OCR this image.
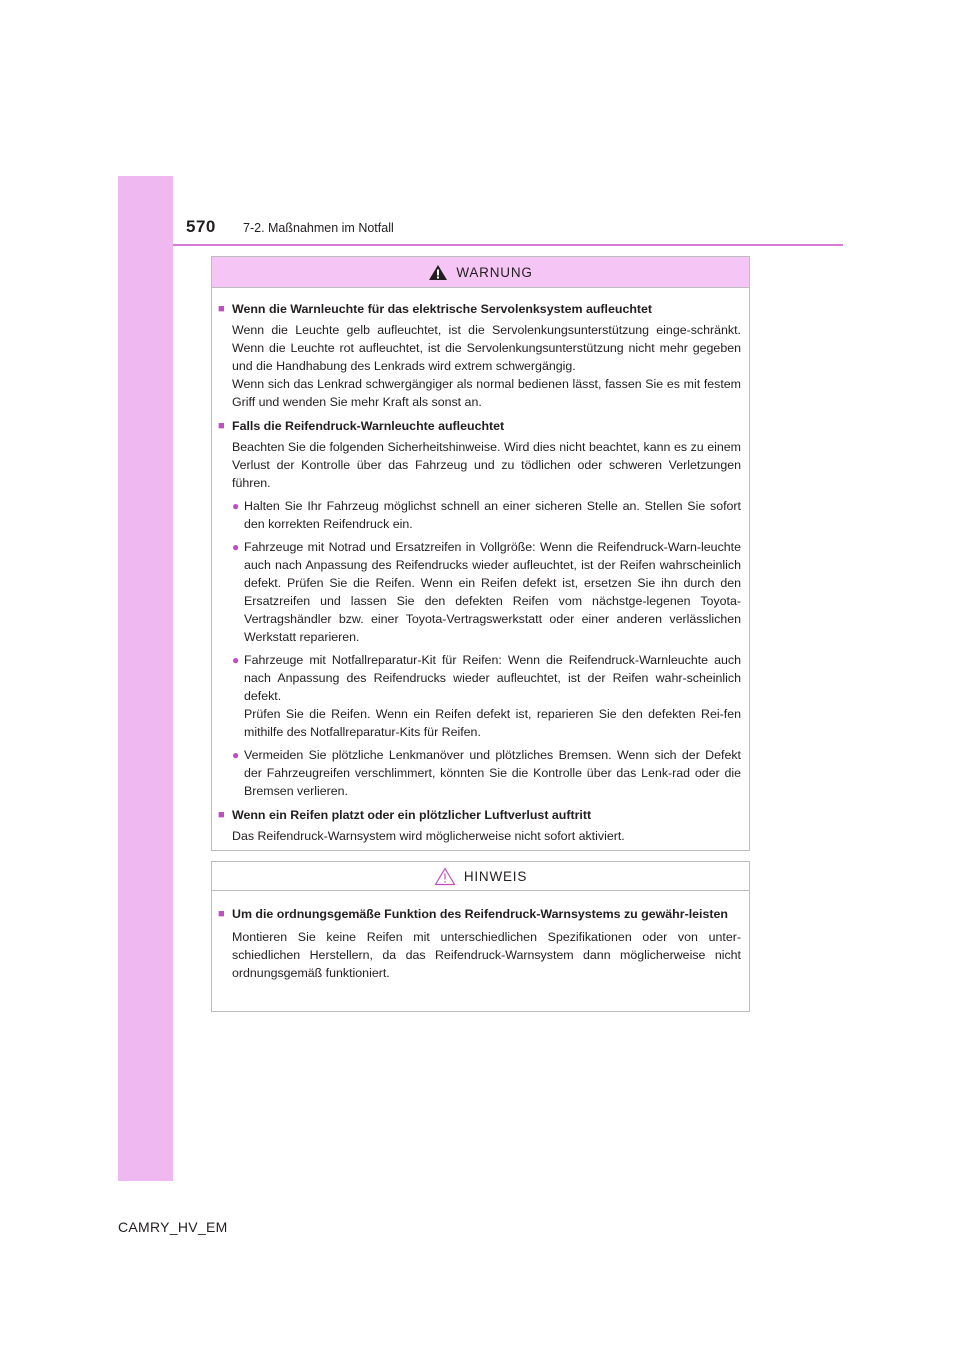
570 7-2. Maßnahmen im Notfall
WARNUNG
■ Wenn die Warnleuchte für das elektrische Servolenksystem aufleuchtet
Wenn die Leuchte gelb aufleuchtet, ist die Servolenkungsunterstützung einge-schränkt. Wenn die Leuchte rot aufleuchtet, ist die Servolenkungsunterstützung nicht mehr gegeben und die Handhabung des Lenkrads wird extrem schwergängig.
Wenn sich das Lenkrad schwergängiger als normal bedienen lässt, fassen Sie es mit festem Griff und wenden Sie mehr Kraft als sonst an.
■ Falls die Reifendruck-Warnleuchte aufleuchtet
Beachten Sie die folgenden Sicherheitshinweise. Wird dies nicht beachtet, kann es zu einem Verlust der Kontrolle über das Fahrzeug und zu tödlichen oder schweren Verletzungen führen.
● Halten Sie Ihr Fahrzeug möglichst schnell an einer sicheren Stelle an. Stellen Sie sofort den korrekten Reifendruck ein.
● Fahrzeuge mit Notrad und Ersatzreifen in Vollgröße: Wenn die Reifendruck-Warn-leuchte auch nach Anpassung des Reifendrucks wieder aufleuchtet, ist der Reifen wahrscheinlich defekt. Prüfen Sie die Reifen. Wenn ein Reifen defekt ist, ersetzen Sie ihn durch den Ersatzreifen und lassen Sie den defekten Reifen vom nächstge-legenen Toyota-Vertragshändler bzw. einer Toyota-Vertragswerkstatt oder einer anderen verlässlichen Werkstatt reparieren.
● Fahrzeuge mit Notfallreparatur-Kit für Reifen: Wenn die Reifendruck-Warnleuchte auch nach Anpassung des Reifendrucks wieder aufleuchtet, ist der Reifen wahr-scheinlich defekt.
Prüfen Sie die Reifen. Wenn ein Reifen defekt ist, reparieren Sie den defekten Rei-fen mithilfe des Notfallreparatur-Kits für Reifen.
● Vermeiden Sie plötzliche Lenkmanöver und plötzliches Bremsen. Wenn sich der Defekt der Fahrzeugreifen verschlimmert, könnten Sie die Kontrolle über das Lenk-rad oder die Bremsen verlieren.
■ Wenn ein Reifen platzt oder ein plötzlicher Luftverlust auftritt
Das Reifendruck-Warnsystem wird möglicherweise nicht sofort aktiviert.
HINWEIS
■ Um die ordnungsgemäße Funktion des Reifendruck-Warnsystems zu gewähr-leisten
Montieren Sie keine Reifen mit unterschiedlichen Spezifikationen oder von unter-schiedlichen Herstellern, da das Reifendruck-Warnsystem dann möglicherweise nicht ordnungsgemäß funktioniert.
CAMRY_HV_EM
